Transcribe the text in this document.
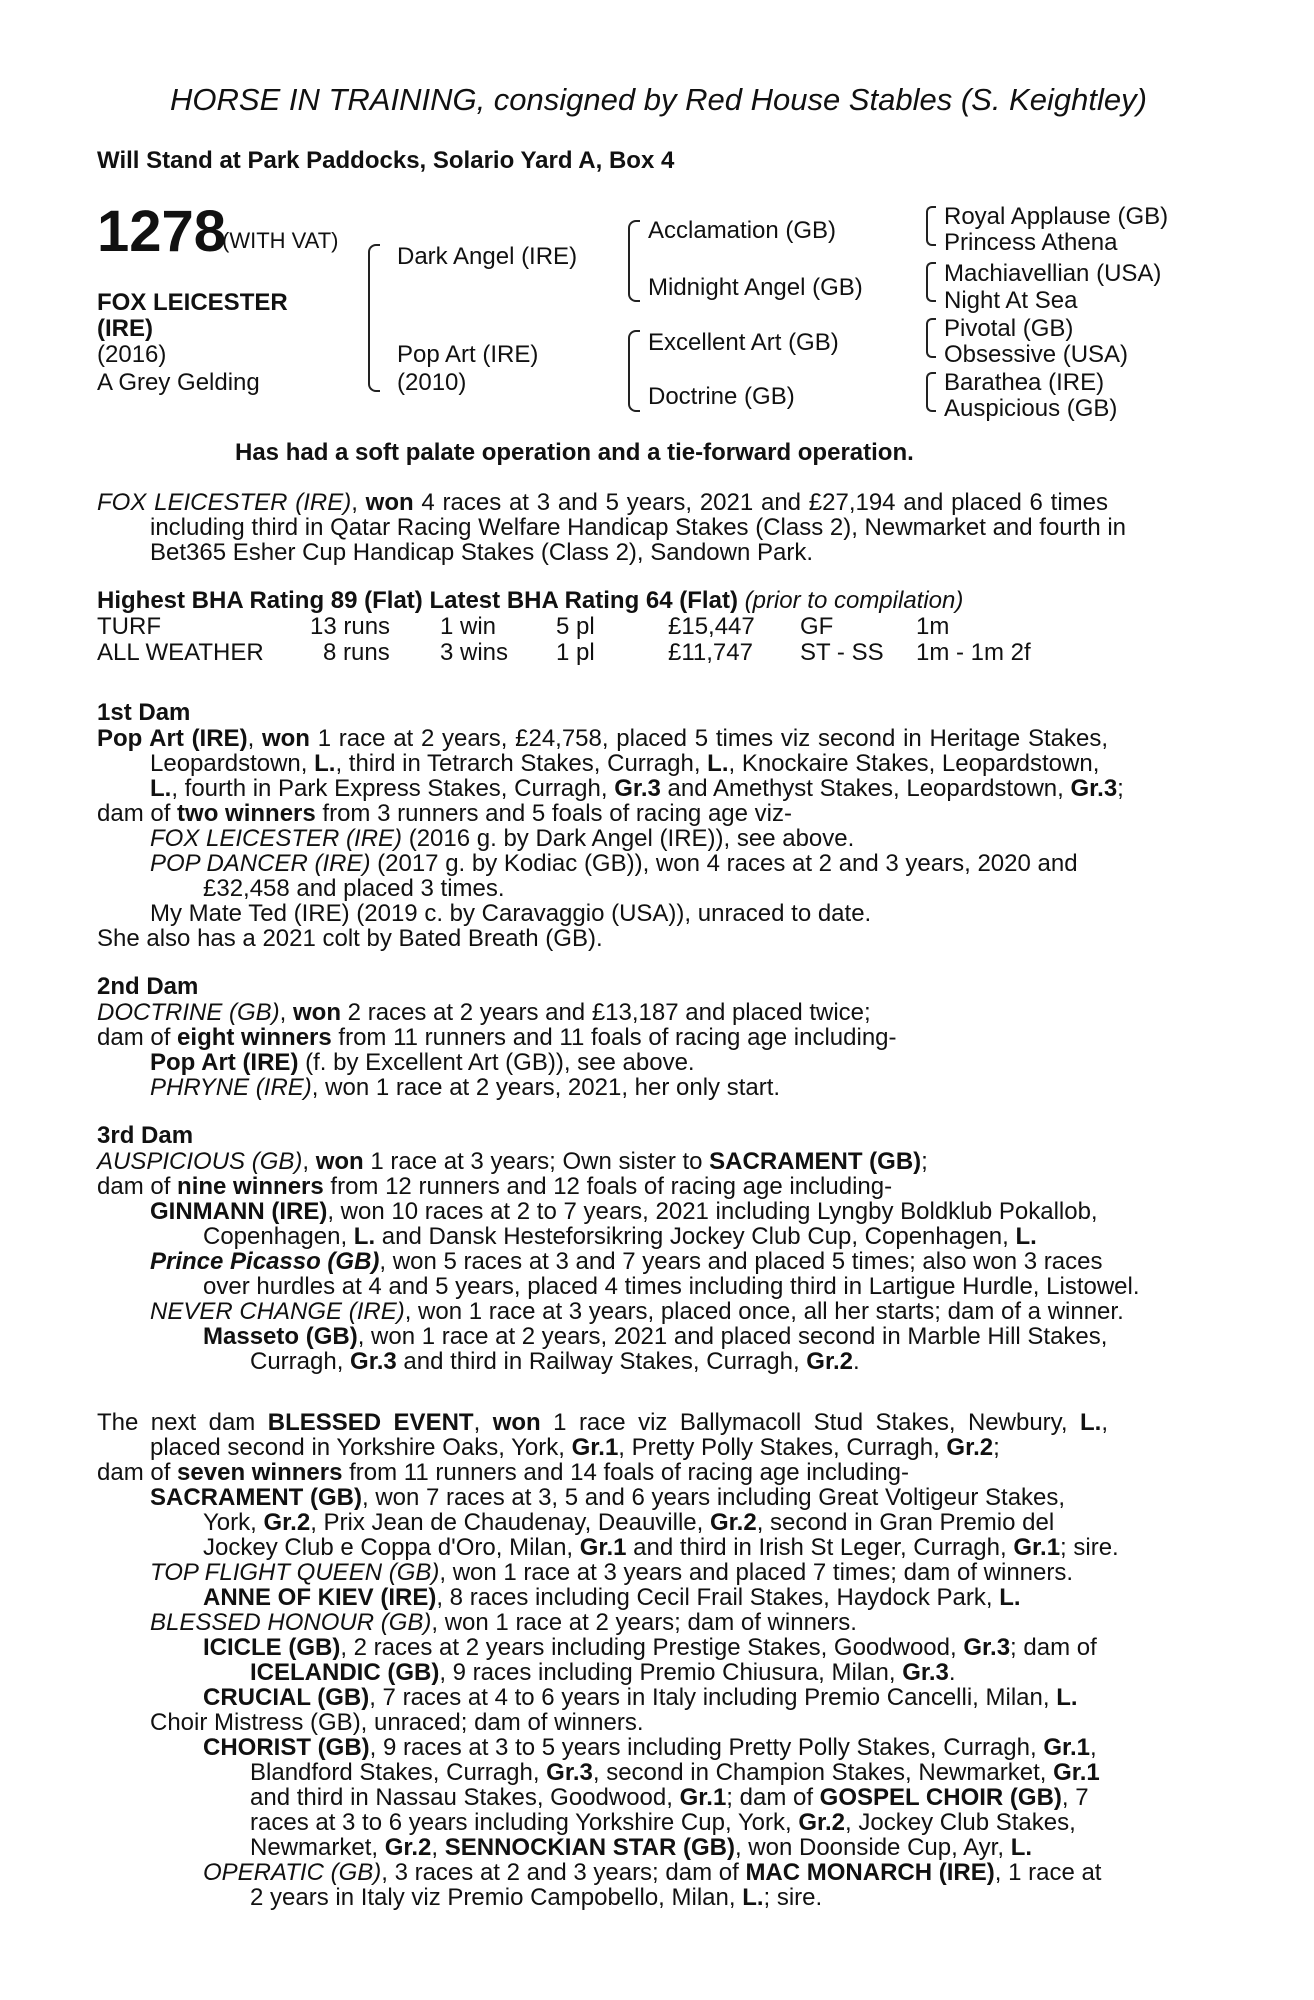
HORSE IN TRAINING, consigned by Red House Stables (S. Keightley)
Will Stand at Park Paddocks, Solario Yard A, Box 4
1278
(WITH VAT)
FOX LEICESTER
(IRE)
(2016)
A Grey Gelding
Dark Angel (IRE)
Pop Art (IRE)
(2010)
Acclamation (GB)
Midnight Angel (GB)
Excellent Art (GB)
Doctrine (GB)
Royal Applause (GB)
Princess Athena
Machiavellian (USA)
Night At Sea
Pivotal (GB)
Obsessive (USA)
Barathea (IRE)
Auspicious (GB)
Has had a soft palate operation and a tie-forward operation.
TURF	13 runs 1 win 5 pl	£15,447 GF	1m
ALL WEATHER 8 runs 3 wins 1 pl	£11,747 ST - SS 1m - 1m 2f
FOX LEICESTER (IRE), won 4 races at 3 and 5 years, 2021 and £27,194 and placed 6 times
including third in Qatar Racing Welfare Handicap Stakes (Class 2), Newmarket and fourth in
Bet365 Esher Cup Handicap Stakes (Class 2), Sandown Park.
Highest BHA Rating 89 (Flat) Latest BHA Rating 64 (Flat) (prior to compilation)
1st Dam
Pop Art (IRE), won 1 race at 2 years, £24,758, placed 5 times viz second in Heritage Stakes,
Leopardstown, L., third in Tetrarch Stakes, Curragh, L., Knockaire Stakes, Leopardstown,
L., fourth in Park Express Stakes, Curragh, Gr.3 and Amethyst Stakes, Leopardstown, Gr.3;
dam of two winners from 3 runners and 5 foals of racing age viz-
FOX LEICESTER (IRE) (2016 g. by Dark Angel (IRE)), see above.
POP DANCER (IRE) (2017 g. by Kodiac (GB)), won 4 races at 2 and 3 years, 2020 and
£32,458 and placed 3 times.
My Mate Ted (IRE) (2019 c. by Caravaggio (USA)), unraced to date.
She also has a 2021 colt by Bated Breath (GB).
2nd Dam
DOCTRINE (GB), won 2 races at 2 years and £13,187 and placed twice;
dam of eight winners from 11 runners and 11 foals of racing age including-
Pop Art (IRE) (f. by Excellent Art (GB)), see above.
PHRYNE (IRE), won 1 race at 2 years, 2021, her only start.
3rd Dam
AUSPICIOUS (GB), won 1 race at 3 years; Own sister to SACRAMENT (GB);
dam of nine winners from 12 runners and 12 foals of racing age including-
GINMANN (IRE), won 10 races at 2 to 7 years, 2021 including Lyngby Boldklub Pokallob,
Copenhagen, L. and Dansk Hesteforsikring Jockey Club Cup, Copenhagen, L.
Prince Picasso (GB), won 5 races at 3 and 7 years and placed 5 times; also won 3 races
over hurdles at 4 and 5 years, placed 4 times including third in Lartigue Hurdle, Listowel.
NEVER CHANGE (IRE), won 1 race at 3 years, placed once, all her starts; dam of a winner.
Masseto (GB), won 1 race at 2 years, 2021 and placed second in Marble Hill Stakes,
Curragh, Gr.3 and third in Railway Stakes, Curragh, Gr.2.
The next dam BLESSED EVENT, won 1 race viz Ballymacoll Stud Stakes, Newbury, L.,
placed second in Yorkshire Oaks, York, Gr.1, Pretty Polly Stakes, Curragh, Gr.2;
dam of seven winners from 11 runners and 14 foals of racing age including-
SACRAMENT (GB), won 7 races at 3, 5 and 6 years including Great Voltigeur Stakes,
York, Gr.2, Prix Jean de Chaudenay, Deauville, Gr.2, second in Gran Premio del
Jockey Club e Coppa d'Oro, Milan, Gr.1 and third in Irish St Leger, Curragh, Gr.1; sire.
TOP FLIGHT QUEEN (GB), won 1 race at 3 years and placed 7 times; dam of winners.
ANNE OF KIEV (IRE), 8 races including Cecil Frail Stakes, Haydock Park, L.
BLESSED HONOUR (GB), won 1 race at 2 years; dam of winners.
ICICLE (GB), 2 races at 2 years including Prestige Stakes, Goodwood, Gr.3; dam of
ICELANDIC (GB), 9 races including Premio Chiusura, Milan, Gr.3.
CRUCIAL (GB), 7 races at 4 to 6 years in Italy including Premio Cancelli, Milan, L.
Choir Mistress (GB), unraced; dam of winners.
CHORIST (GB), 9 races at 3 to 5 years including Pretty Polly Stakes, Curragh, Gr.1,
Blandford Stakes, Curragh, Gr.3, second in Champion Stakes, Newmarket, Gr.1
and third in Nassau Stakes, Goodwood, Gr.1; dam of GOSPEL CHOIR (GB), 7
races at 3 to 6 years including Yorkshire Cup, York, Gr.2, Jockey Club Stakes,
Newmarket, Gr.2, SENNOCKIAN STAR (GB), won Doonside Cup, Ayr, L.
OPERATIC (GB), 3 races at 2 and 3 years; dam of MAC MONARCH (IRE), 1 race at
2 years in Italy viz Premio Campobello, Milan, L.; sire.
